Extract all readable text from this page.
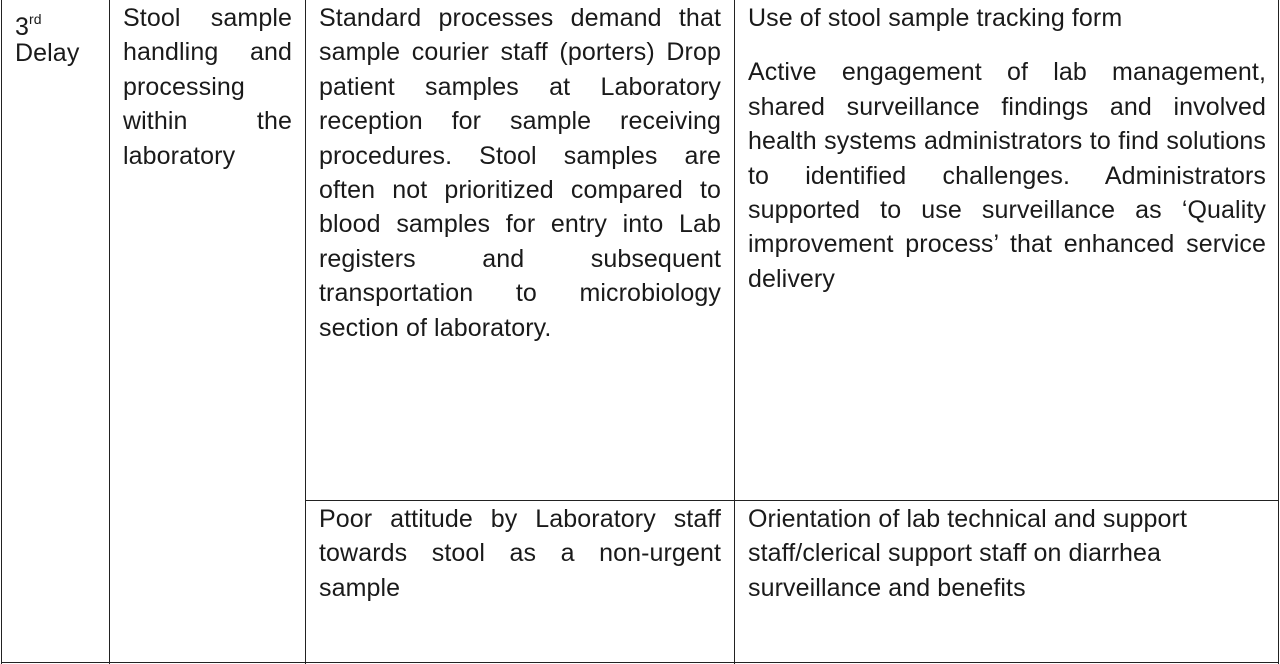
3rd
Delay

Stool sample handling and processing within the laboratory

Standard processes demand that sample courier staff (porters) Drop patient samples at Laboratory reception for sample receiving procedures. Stool samples are often not prioritized compared to blood samples for entry into Lab registers and subsequent transportation to microbiology section of laboratory.

Use of stool sample tracking form

Active engagement of lab management, shared surveillance findings and involved health systems administrators to find solutions to identified challenges. Administrators supported to use surveillance as ‘Quality improvement process’ that enhanced service delivery

Poor attitude by Laboratory staff towards stool as a non-urgent sample

Orientation of lab technical and support staff/clerical support staff on diarrhea surveillance and benefits
